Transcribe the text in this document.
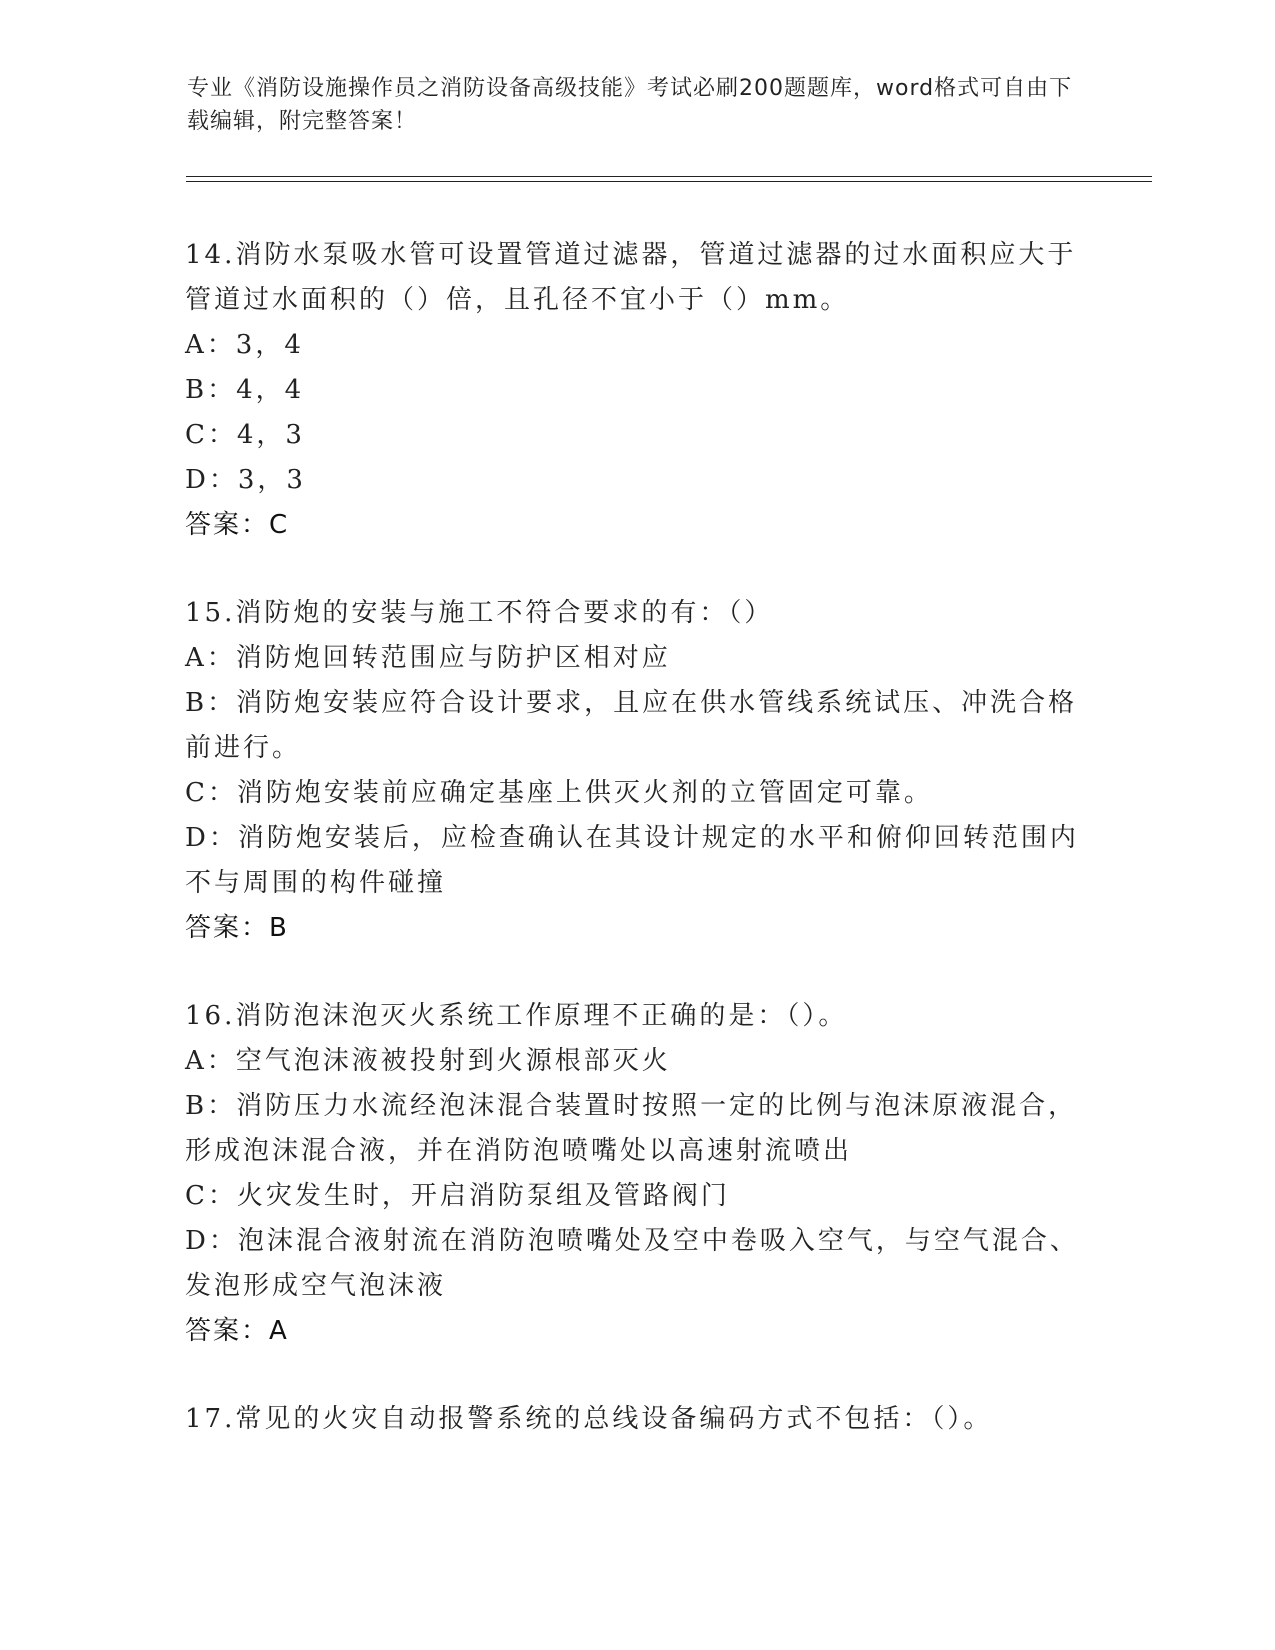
专业《消防设施操作员之消防设备高级技能》考试必刷200题题库，word格式可自由下载编辑，附完整答案！

14.消防水泵吸水管可设置管道过滤器，管道过滤器的过水面积应大于管道过水面积的（）倍，且孔径不宜小于（）mm。

A：3，4

B：4，4

C：4，3

D：3，3

答案：C

15.消防炮的安装与施工不符合要求的有：（）

A：消防炮回转范围应与防护区相对应

B：消防炮安装应符合设计要求，且应在供水管线系统试压、冲洗合格前进行。

C：消防炮安装前应确定基座上供灭火剂的立管固定可靠。

D：消防炮安装后，应检查确认在其设计规定的水平和俯仰回转范围内不与周围的构件碰撞

答案：B

16.消防泡沫泡灭火系统工作原理不正确的是：（）。

A：空气泡沫液被投射到火源根部灭火

B：消防压力水流经泡沫混合装置时按照一定的比例与泡沫原液混合，形成泡沫混合液，并在消防泡喷嘴处以高速射流喷出

C：火灾发生时，开启消防泵组及管路阀门

D：泡沫混合液射流在消防泡喷嘴处及空中卷吸入空气，与空气混合、发泡形成空气泡沫液

答案：A

17.常见的火灾自动报警系统的总线设备编码方式不包括：（）。
